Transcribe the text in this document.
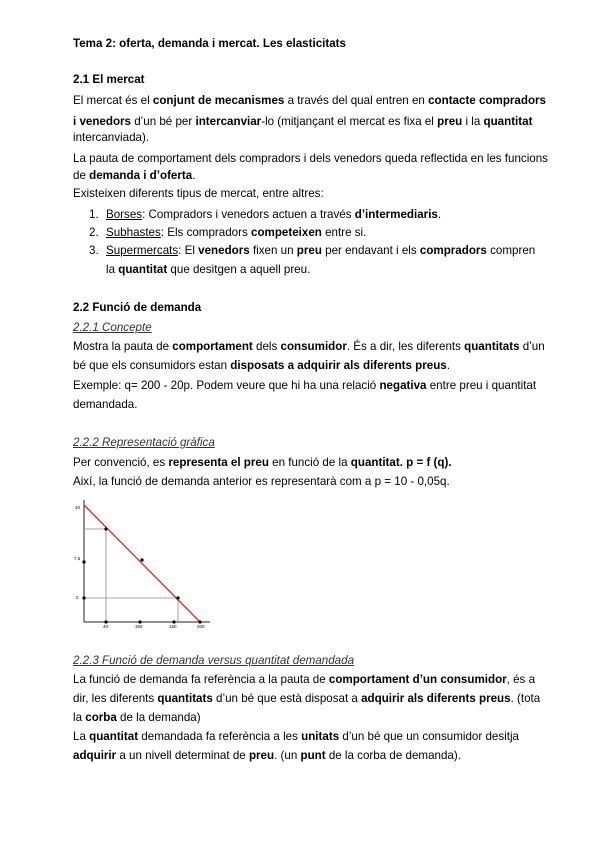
Tema 2: oferta, demanda i mercat. Les elasticitats
2.1 El mercat
El mercat és el conjunt de mecanismes a través del qual entren en contacte compradors
i venedors d’un bé per intercanviar-lo (mitjançant el mercat es fixa el preu i la quantitat
intercanviada).
La pauta de comportament dels compradors i dels venedors queda reflectida en les funcions
de demanda i d’oferta.
Existeixen diferents tipus de mercat, entre altres:
1. Borses: Compradors i venedors actuen a través d’intermediaris.
2. Subhastes: Els compradors competeixen entre si.
3. Supermercats: El venedors fixen un preu per endavant i els compradors compren
la quantitat que desitgen a aquell preu.
2.2 Funció de demanda
2.2.1 Concepte
Mostra la pauta de comportament dels consumidor. És a dir, les diferents quantitats d’un
bé que els consumidors estan disposats a adquirir als diferents preus.
Exemple: q= 200 - 20p. Podem veure que hi ha una relació negativa entre preu i quantitat
demandada.
2.2.2 Representació gràfica
Per convenció, es representa el preu en funció de la quantitat. p = f (q).
Així, la funció de demanda anterior es representarà com a p = 10 - 0,05q.
10
7,5
2
40	150	160	200
2.2.3 Funció de demanda versus quantitat demandada
La funció de demanda fa referència a la pauta de comportament d’un consumidor, és a
dir, les diferents quantitats d’un bé que està disposat a adquirir als diferents preus. (tota
la corba de la demanda)
La quantitat demandada fa referència a les unitats d’un bé que un consumidor desitja
adquirir a un nivell determinat de preu. (un punt de la corba de demanda).
